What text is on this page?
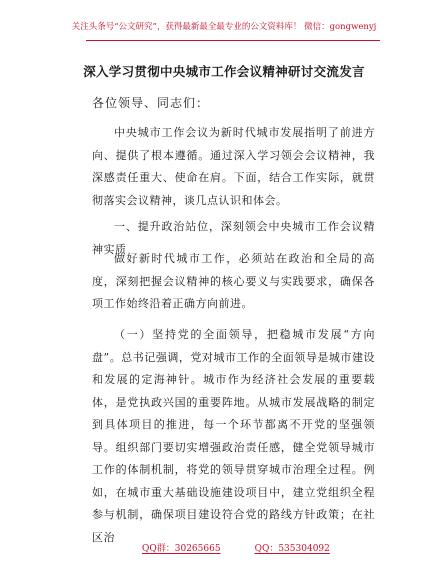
关注头条号“公文研究”，获得最新最全最专业的公文资料库！ 微信：gongwenyj
深入学习贯彻中央城市工作会议精神研讨交流发言
各位领导、同志们：

中央城市工作会议为新时代城市发展指明了前进方向、提供了根本遵循。通过深入学习领会会议精神，我深感责任重大、使命在肩。下面，结合工作实际，就贯彻落实会议精神，谈几点认识和体会。

一、提升政治站位，深刻领会中央城市工作会议精神实质

做好新时代城市工作，必须站在政治和全局的高度，深刻把握会议精神的核心要义与实践要求，确保各项工作始终沿着正确方向前进。

（一）坚持党的全面领导，把稳城市发展“方向盘”。总书记强调，党对城市工作的全面领导是城市建设和发展的定海神针。城市作为经济社会发展的重要载体，是党执政兴国的重要阵地。从城市发展战略的制定到具体项目的推进，每一个环节都离不开党的坚强领导。组织部门要切实增强政治责任感，健全党领导城市工作的体制机制，将党的领导贯穿城市治理全过程。例如，在城市重大基础设施建设项目中，建立党组织全程参与机制，确保项目建设符合党的路线方针政策；在社区治

QQ群：30265665	QQ：535304092
